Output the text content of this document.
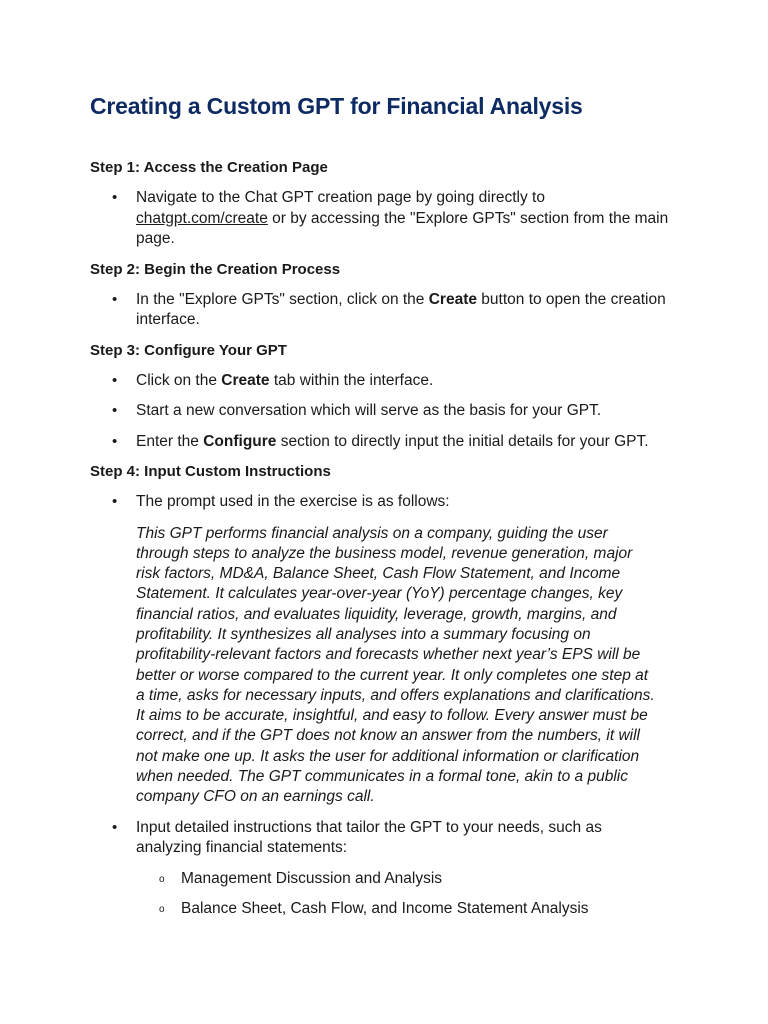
Creating a Custom GPT for Financial Analysis
Step 1: Access the Creation Page
• Navigate to the Chat GPT creation page by going directly to
chatgpt.com/create or by accessing the "Explore GPTs" section from the main page.
Step 2: Begin the Creation Process
• In the "Explore GPTs" section, click on the Create button to open the creation interface.
Step 3: Configure Your GPT
• Click on the Create tab within the interface.
• Start a new conversation which will serve as the basis for your GPT.
• Enter the Configure section to directly input the initial details for your GPT.
Step 4: Input Custom Instructions
• The prompt used in the exercise is as follows:

This GPT performs financial analysis on a company, guiding the user
through steps to analyze the business model, revenue generation, major
risk factors, MD&A, Balance Sheet, Cash Flow Statement, and Income
Statement. It calculates year-over-year (YoY) percentage changes, key
financial ratios, and evaluates liquidity, leverage, growth, margins, and
profitability. It synthesizes all analyses into a summary focusing on
profitability-relevant factors and forecasts whether next year’s EPS will be
better or worse compared to the current year. It only completes one step at
a time, asks for necessary inputs, and offers explanations and clarifications.
It aims to be accurate, insightful, and easy to follow. Every answer must be
correct, and if the GPT does not know an answer from the numbers, it will
not make one up. It asks the user for additional information or clarification
when needed. The GPT communicates in a formal tone, akin to a public
company CFO on an earnings call.

• Input detailed instructions that tailor the GPT to your needs, such as
analyzing financial statements:
o Management Discussion and Analysis
o Balance Sheet, Cash Flow, and Income Statement Analysis
